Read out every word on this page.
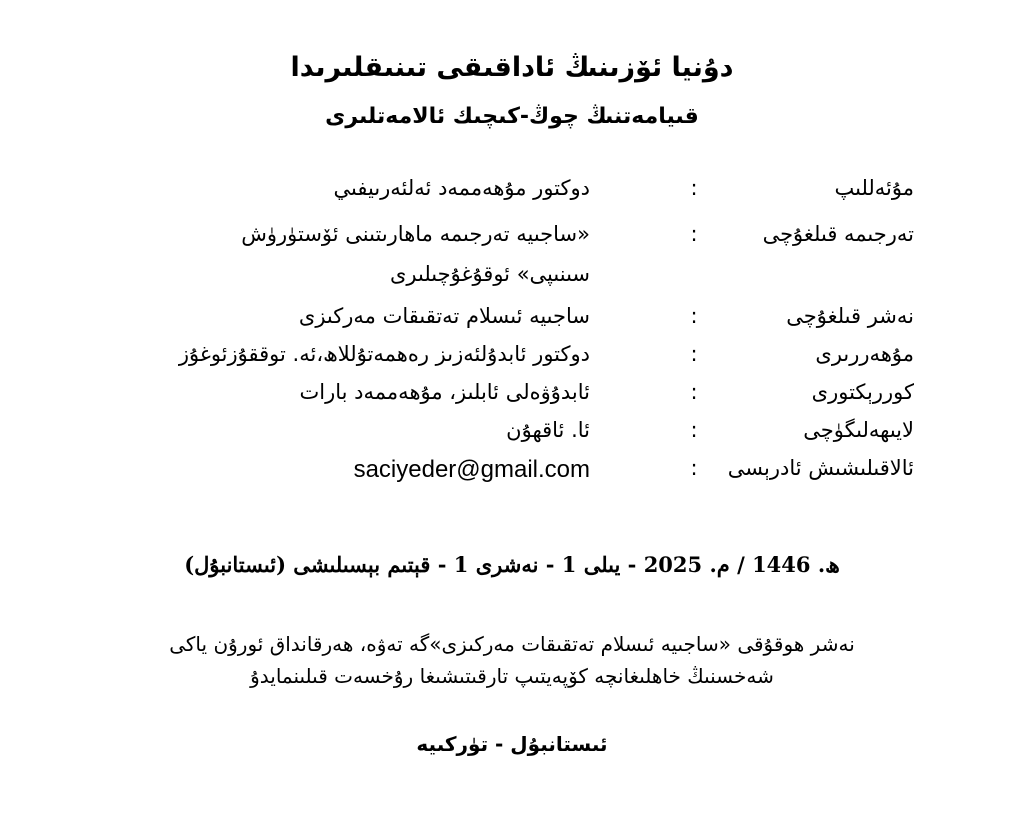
دۇنيا ئۆزىنىڭ ئاداقىقى تىنىقلىرىدا
قىيامەتنىڭ چوڭ-كىچىك ئالامەتلىرى
مۇئەللىپ
:
دوكتور مۇھەممەد ئەلئەرىيفىي
تەرجىمە قىلغۇچى
:
«ساجىيە تەرجىمە ماھارىتىنى ئۆستۈرۈش
سىنىپى» ئوقۇغۇچىلىرى
نەشر قىلغۇچى
:
ساجىيە ئىسلام تەتقىقات مەركىزى
مۇھەررىرى
:
دوكتور ئابدۇلئەزىز رەھمەتۇللاھ،ئە. توققۇزئوغۇز
كوررېكتورى
:
ئابدۇۋەلى ئابلىز، مۇھەممەد بارات
لايىھەلىگۈچى
:
ئا. ئاقھۇن
ئالاقىلىشىش ئادرېسى
:
saciyeder@gmail.com
ھ. 1446 / م. 2025 - يىلى 1 - نەشرى 1 - قېتىم بېسىلىشى (ئىستانبۇل)
نەشر ھوقۇقى «ساجىيە ئىسلام تەتقىقات مەركىزى»گە تەۋە، ھەرقانداق ئورۇن ياكى
شەخسنىڭ خاھلىغانچە كۆپەيتىپ تارقىتىشىغا رۇخسەت قىلىنمايدۇ
ئىستانبۇل - تۈركىيە
